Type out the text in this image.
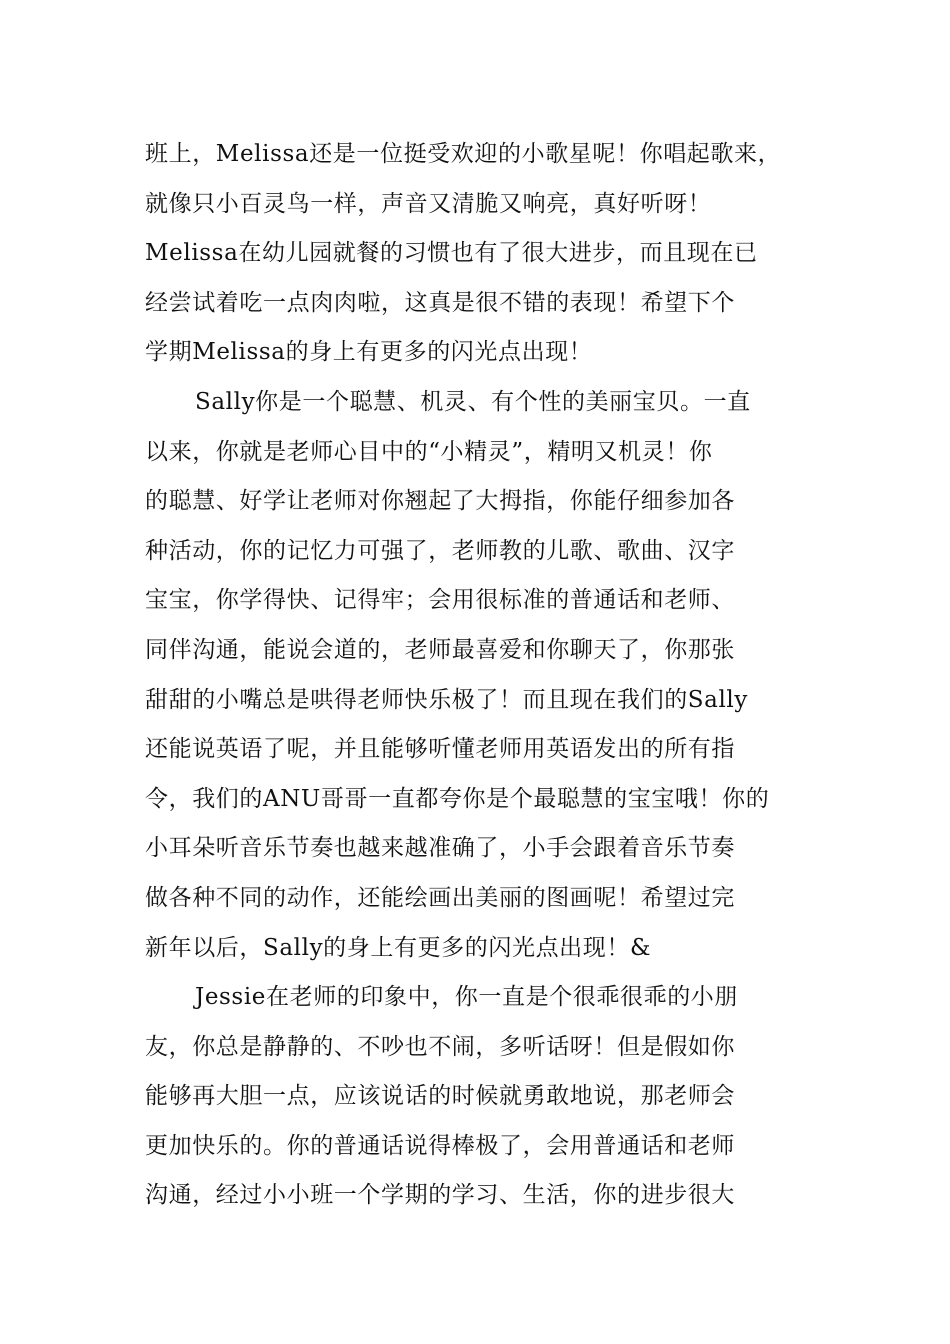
班上，Melissa还是一位挺受欢迎的小歌星呢！你唱起歌来，
就像只小百灵鸟一样，声音又清脆又响亮，真好听呀！
Melissa在幼儿园就餐的习惯也有了很大进步，而且现在已
经尝试着吃一点肉肉啦，这真是很不错的表现！希望下个
学期Melissa的身上有更多的闪光点出现！
Sally你是一个聪慧、机灵、有个性的美丽宝贝。一直
以来，你就是老师心目中的“小精灵”，精明又机灵！你
的聪慧、好学让老师对你翘起了大拇指，你能仔细参加各
种活动，你的记忆力可强了，老师教的儿歌、歌曲、汉字
宝宝，你学得快、记得牢；会用很标准的普通话和老师、
同伴沟通，能说会道的，老师最喜爱和你聊天了，你那张
甜甜的小嘴总是哄得老师快乐极了！而且现在我们的Sally
还能说英语了呢，并且能够听懂老师用英语发出的所有指
令，我们的ANU哥哥一直都夸你是个最聪慧的宝宝哦！你的
小耳朵听音乐节奏也越来越准确了，小手会跟着音乐节奏
做各种不同的动作，还能绘画出美丽的图画呢！希望过完
新年以后，Sally的身上有更多的闪光点出现！&
Jessie在老师的印象中，你一直是个很乖很乖的小朋
友，你总是静静的、不吵也不闹，多听话呀！但是假如你
能够再大胆一点，应该说话的时候就勇敢地说，那老师会
更加快乐的。你的普通话说得棒极了，会用普通话和老师
沟通，经过小小班一个学期的学习、生活，你的进步很大
